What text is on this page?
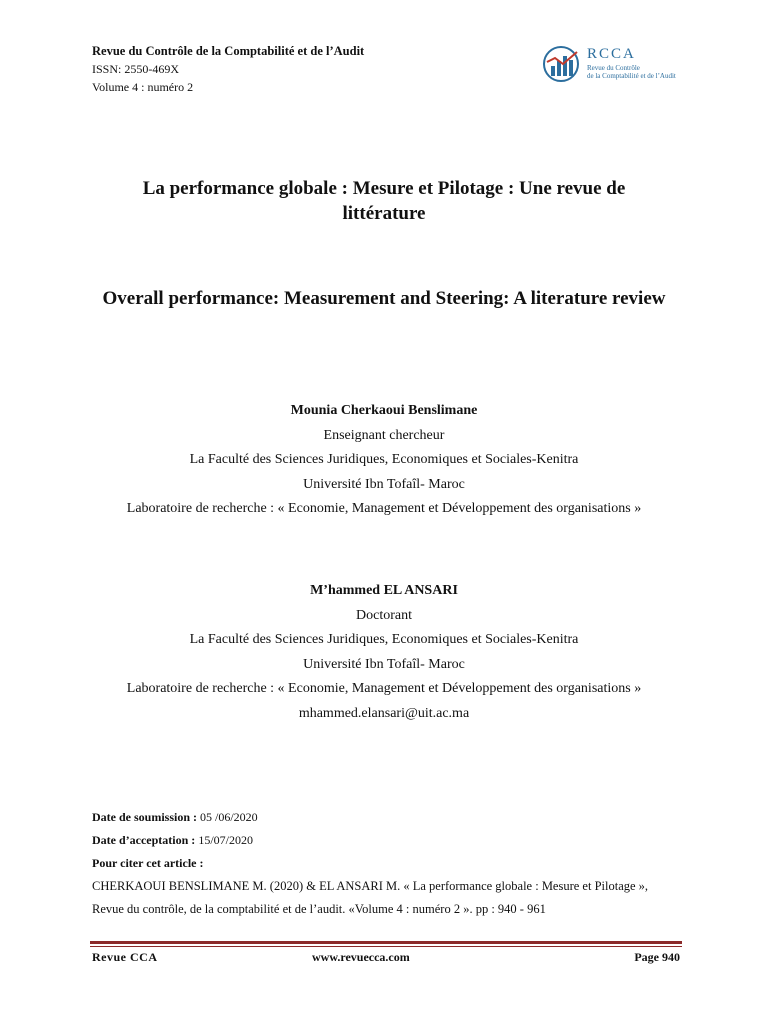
Revue du Contrôle de la Comptabilité et de l’Audit
ISSN: 2550-469X
Volume 4 : numéro 2
RCCA
Revue du Contrôle
de la Comptabilité et de l’Audit
La performance globale : Mesure et Pilotage : Une revue de littérature
Overall performance: Measurement and Steering: A literature review
Mounia Cherkaoui Benslimane
Enseignant chercheur
La Faculté des Sciences Juridiques, Economiques et Sociales-Kenitra
Université Ibn Tofaîl- Maroc
Laboratoire de recherche : « Economie, Management et Développement des organisations »
M’hammed EL ANSARI
Doctorant
La Faculté des Sciences Juridiques, Economiques et Sociales-Kenitra
Université Ibn Tofaîl- Maroc
Laboratoire de recherche : « Economie, Management et Développement des organisations »
mhammed.elansari@uit.ac.ma
Date de soumission : 05 /06/2020
Date d’acceptation : 15/07/2020
Pour citer cet article :
CHERKAOUI BENSLIMANE M. (2020) & EL ANSARI M. « La performance globale : Mesure et Pilotage »,
Revue du contrôle, de la comptabilité et de l’audit. «Volume 4 : numéro 2 ». pp : 940 - 961
Revue CCA	www.revuecca.com	Page 940
